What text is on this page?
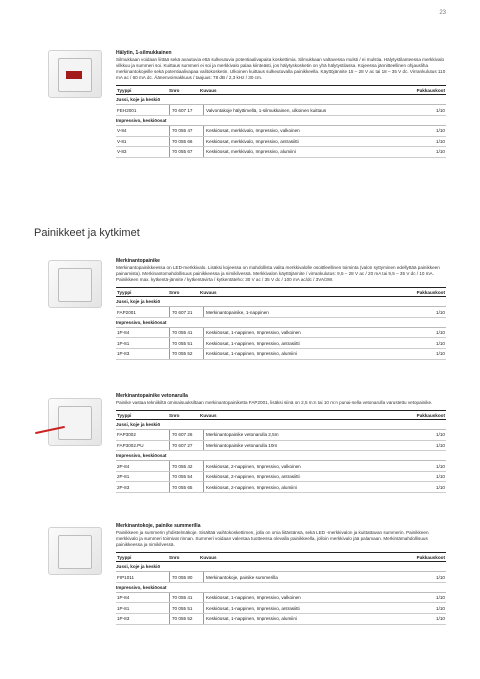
23
Painikkeet ja kytkimet
Hälytin, 1-silmukkainen
Silmukkaan voidaan liittää sekä avautuvia että sulkeutuvia potentiaalivapaita koskettimia. Silmukkaan valtavessa mulsti / ei mulstia. Hälytystilanteessa merkkivalo vilkkuu ja summeri soi. Kuittaus summeri ei soi ja merkkivalo palaa kiinteästi, jos hälytyskosketin on yhä hälytystilassa. Kojeessa jännitteellinen ohjausliha merkinantokojeille sekä potentiaalivapaa valitokosketin. Ulkoinen kuittaus sulkeutuvalla painikkeella. Käyttöjännite 15 – 28 V ac tai 18 – 35 V dc. Virrankulutus 110 mA ac / 60 mA dc. Äänenvoimakkuus / taajuus: 78 dB / 2,3 kHz / 30 cm.
Tyyppi	Snro	Kuvaus	Pakkauskoot
Jussi, koje ja keskiö
FEH2001	70 607 17	Valvontakoje hälyttimellä, 1-silmukkainen, ulkoinen kuittaus	1/10
Impressivo, keskiöosat
V-84	70 055 47	Keskiöosat, merkkivalo, Impressivo, valkoinen	1/10
V-81	70 055 66	Keskiöosat, merkkivalo, Impressivo, antrasiitti	1/10
V-83	70 055 67	Keskiöosat, merkkivalo, Impressivo, alumiini	1/10
Merkinantopainike
Merkinantopainikkeessa on LED-merkkivalo. Lisäksi kojeessa on mahdollista valita merkkivalolle osoittleellinen toiminta (valon syttyminen edellyttää painikkeen painamista). Merkinantomahdollisuus painikkeessa ja nimikilvessä. Merkkivalon käyttöjännite / virrankulutus: 9,5 – 28 V ac / 20 mA tai 9,5 – 35 V dc / 10 mA. Painikkeen max. kytkentä-jännite / kytkentävirta / kytkentäteho: 30 V ac / 35 V dc / 100 mA ac/dc / 3VA/3W.
Tyyppi	Snro	Kuvaus	Pakkauskoot
Jussi, koje ja keskiö
FAP2001	70 607 21	Merkinantopainike, 1-nappinen	1/10
Impressivo, keskiöosat
1P-84	70 055 41	Keskiöosat, 1-nappinen, Impressivo, valkoinen	1/10
1P-81	70 055 51	Keskiöosat, 1-nappinen, Impressivo, antrasiitti	1/10
1P-83	70 055 52	Keskiöosat, 1-nappinen, Impressivo, alumiini	1/10
Merkinantopainike vetonarulla
Painike vastaa tekniikiltä ominaisuuksiltaan merkinantopainiketta FAP2001, lisäksi siinä on 2,5 m:n tai 10 m:n punai-sella vetonarulla varustettu vetopainike.
Tyyppi	Snro	Kuvaus	Pakkauskoot
Jussi, koje ja keskiö
FAP3002	70 607 26	Merkinantopainike vetonarulla 2,5m	1/10
FAP3002.PU	70 607 27	Merkinantopainike vetonarulla 10m	1/10
Impressivo, keskiöosat
2P-84	70 055 42	Keskiöosat, 2-nappinen, Impressivo, valkoinen	1/10
2P-81	70 055 54	Keskiöosat, 2-nappinen, Impressivo, antrasiitti	1/10
2P-83	70 055 65	Keskiöosat, 2-nappinen, Impressivo, alumiini	1/10
Merkinantokoje, painike summerilla
Painikkeen ja summerin yhdistelmäkoje. Sisältää vaihtokoskettimen, jolla on oma liitäntänsä, sekä LED -merkkivalon ja kuittattavan summerin. Painikkeen merkkivalo ja summeri toimivat rinnan. Summeri voidaan valentaa tuotteessa olevalla painikkeella, jolloin merkkivalo jää palamaan. Merkintämahdollisuus painikkeessa ja nimikilvessä.
Tyyppi	Snro	Kuvaus	Pakkauskoot
Jussi, koje ja keskiö
FIP1011	70 055 80	Merkinantokoje, painike summerilla	1/10
Impressivo, keskiöosat
1P-84	70 055 41	Keskiöosat, 1-nappinen, Impressivo, valkoinen	1/10
1P-81	70 055 51	Keskiöosat, 1-nappinen, Impressivo, antrasiitti	1/10
1P-83	70 055 52	Keskiöosat, 1-nappinen, Impressivo, alumiini	1/10
